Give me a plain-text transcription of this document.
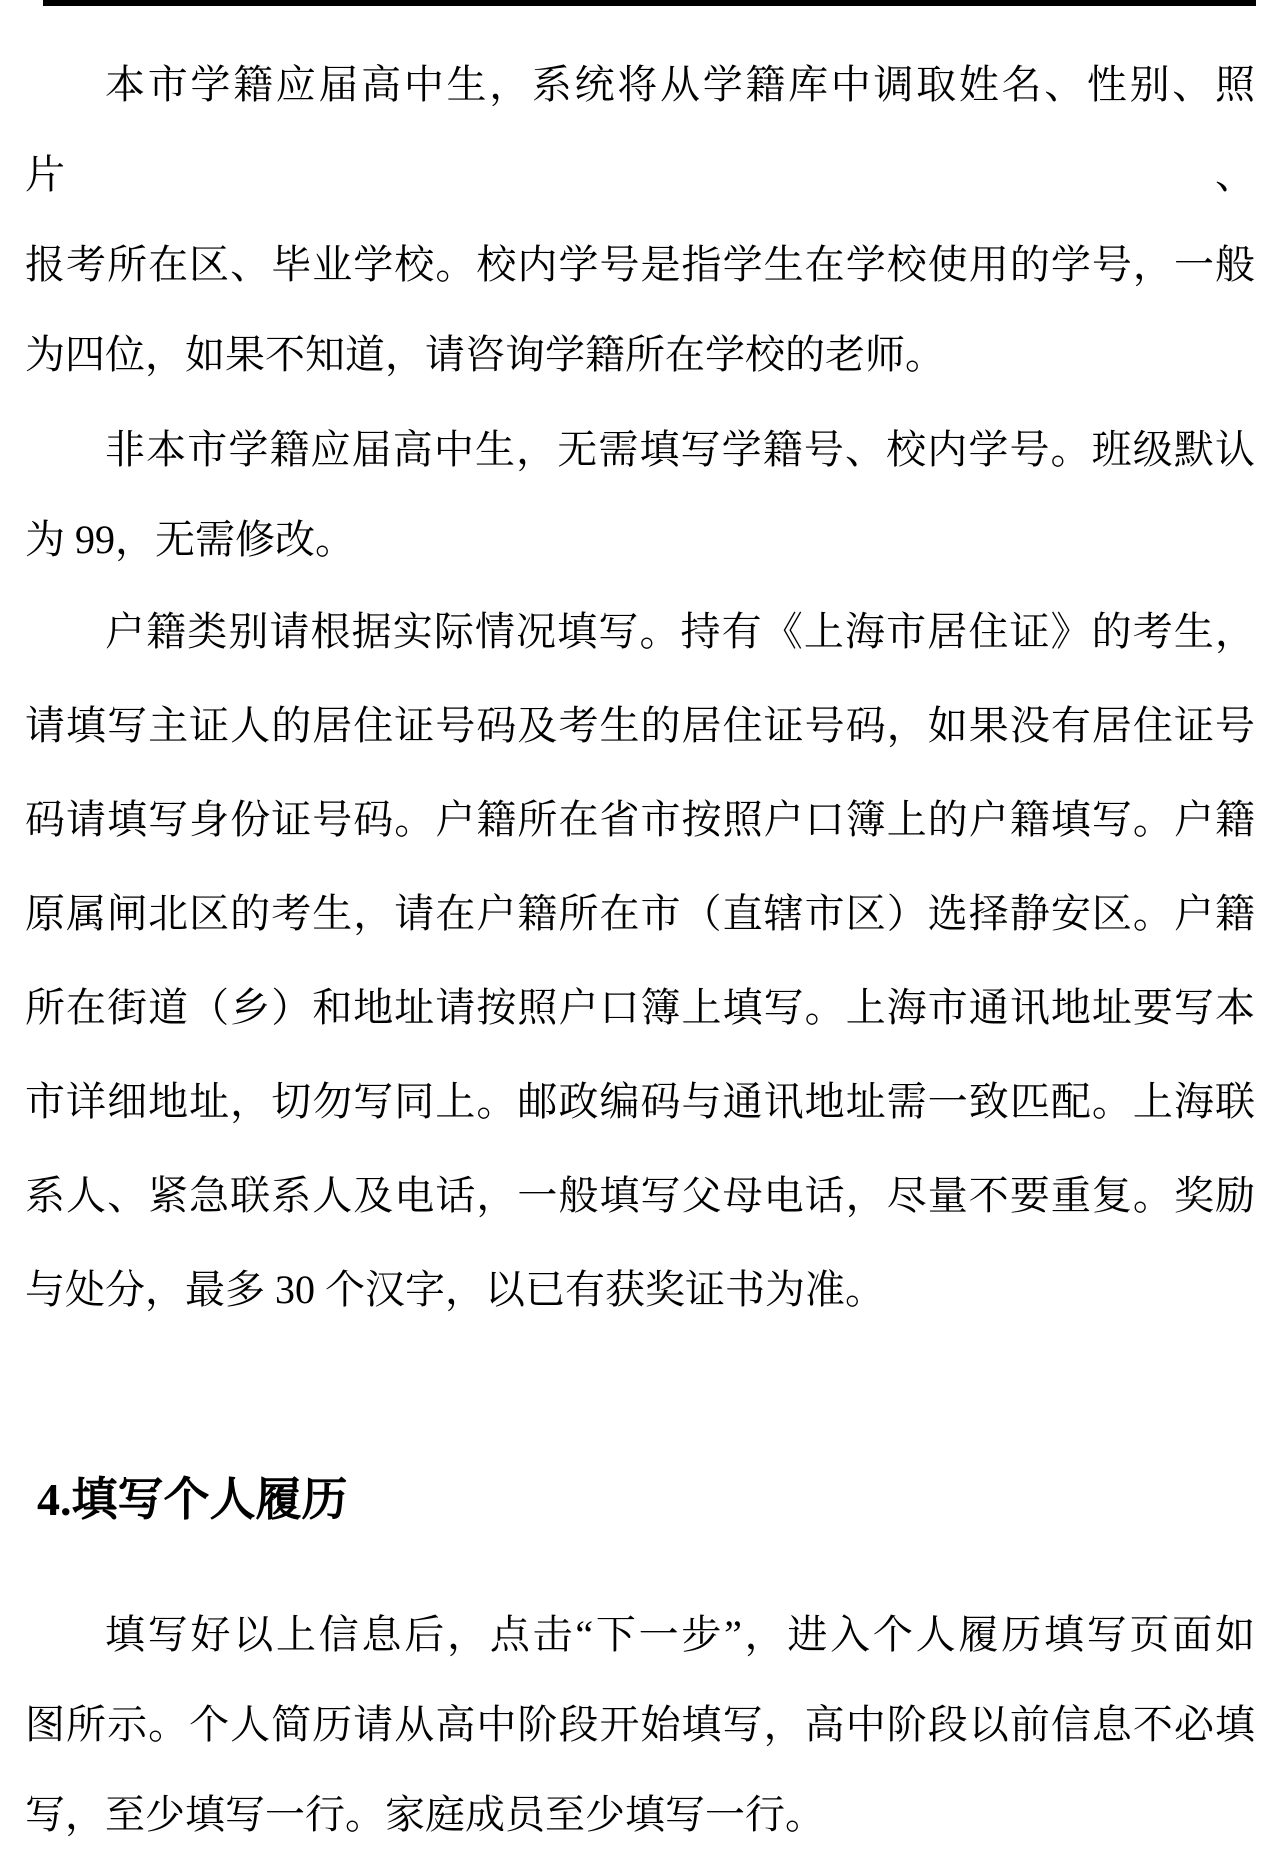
本市学籍应届高中生，系统将从学籍库中调取姓名、性别、照片、
报考所在区、毕业学校。校内学号是指学生在学校使用的学号，一般
为四位，如果不知道，请咨询学籍所在学校的老师。

非本市学籍应届高中生，无需填写学籍号、校内学号。班级默认
为 99，无需修改。

户籍类别请根据实际情况填写。持有《上海市居住证》的考生，
请填写主证人的居住证号码及考生的居住证号码，如果没有居住证号
码请填写身份证号码。户籍所在省市按照户口簿上的户籍填写。户籍
原属闸北区的考生，请在户籍所在市（直辖市区）选择静安区。户籍
所在街道（乡）和地址请按照户口簿上填写。上海市通讯地址要写本
市详细地址，切勿写同上。邮政编码与通讯地址需一致匹配。上海联
系人、紧急联系人及电话，一般填写父母电话，尽量不要重复。奖励
与处分，最多 30 个汉字，以已有获奖证书为准。

4.填写个人履历

填写好以上信息后，点击“下一步”，进入个人履历填写页面如
图所示。个人简历请从高中阶段开始填写，高中阶段以前信息不必填
写，至少填写一行。家庭成员至少填写一行。
